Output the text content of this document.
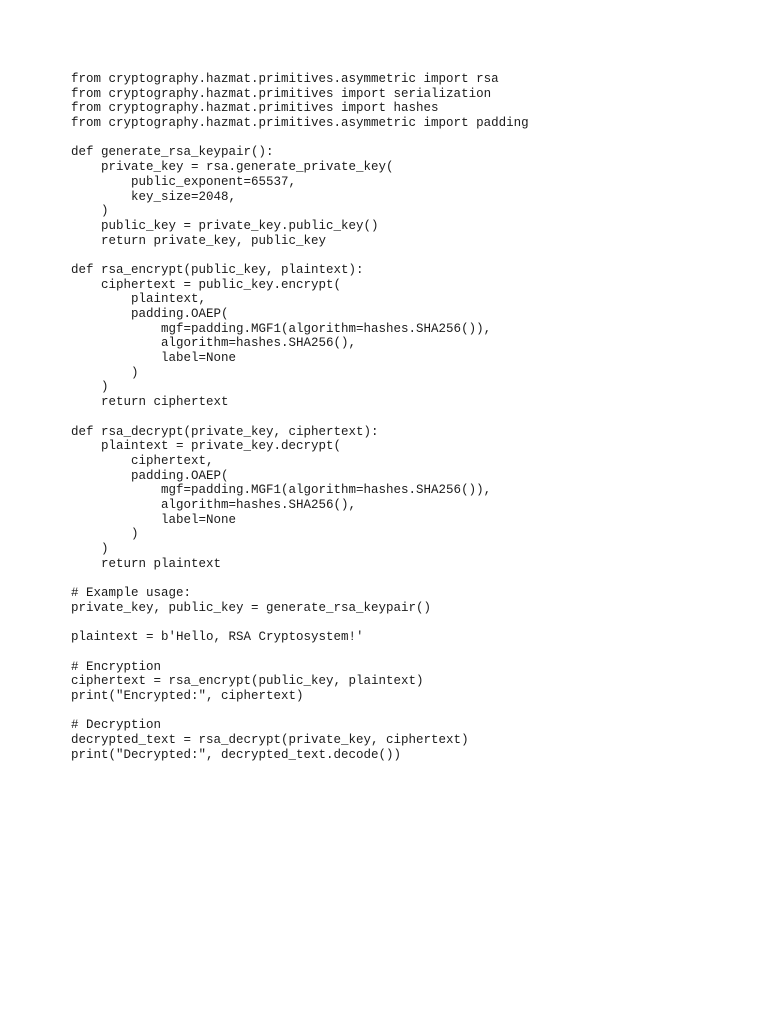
from cryptography.hazmat.primitives.asymmetric import rsa
from cryptography.hazmat.primitives import serialization
from cryptography.hazmat.primitives import hashes
from cryptography.hazmat.primitives.asymmetric import padding
def generate_rsa_keypair():
private_key = rsa.generate_private_key(
public_exponent=65537,
key_size=2048,
)
public_key = private_key.public_key()
return private_key, public_key
def rsa_encrypt(public_key, plaintext):
ciphertext = public_key.encrypt(
plaintext,
padding.OAEP(
mgf=padding.MGF1(algorithm=hashes.SHA256()),
algorithm=hashes.SHA256(),
label=None
)
)
return ciphertext
def rsa_decrypt(private_key, ciphertext):
plaintext = private_key.decrypt(
ciphertext,
padding.OAEP(
mgf=padding.MGF1(algorithm=hashes.SHA256()),
algorithm=hashes.SHA256(),
label=None
)
)
return plaintext
# Example usage:
private_key, public_key = generate_rsa_keypair()
plaintext = b'Hello, RSA Cryptosystem!'
# Encryption
ciphertext = rsa_encrypt(public_key, plaintext)
print("Encrypted:", ciphertext)
# Decryption
decrypted_text = rsa_decrypt(private_key, ciphertext)
print("Decrypted:", decrypted_text.decode())
